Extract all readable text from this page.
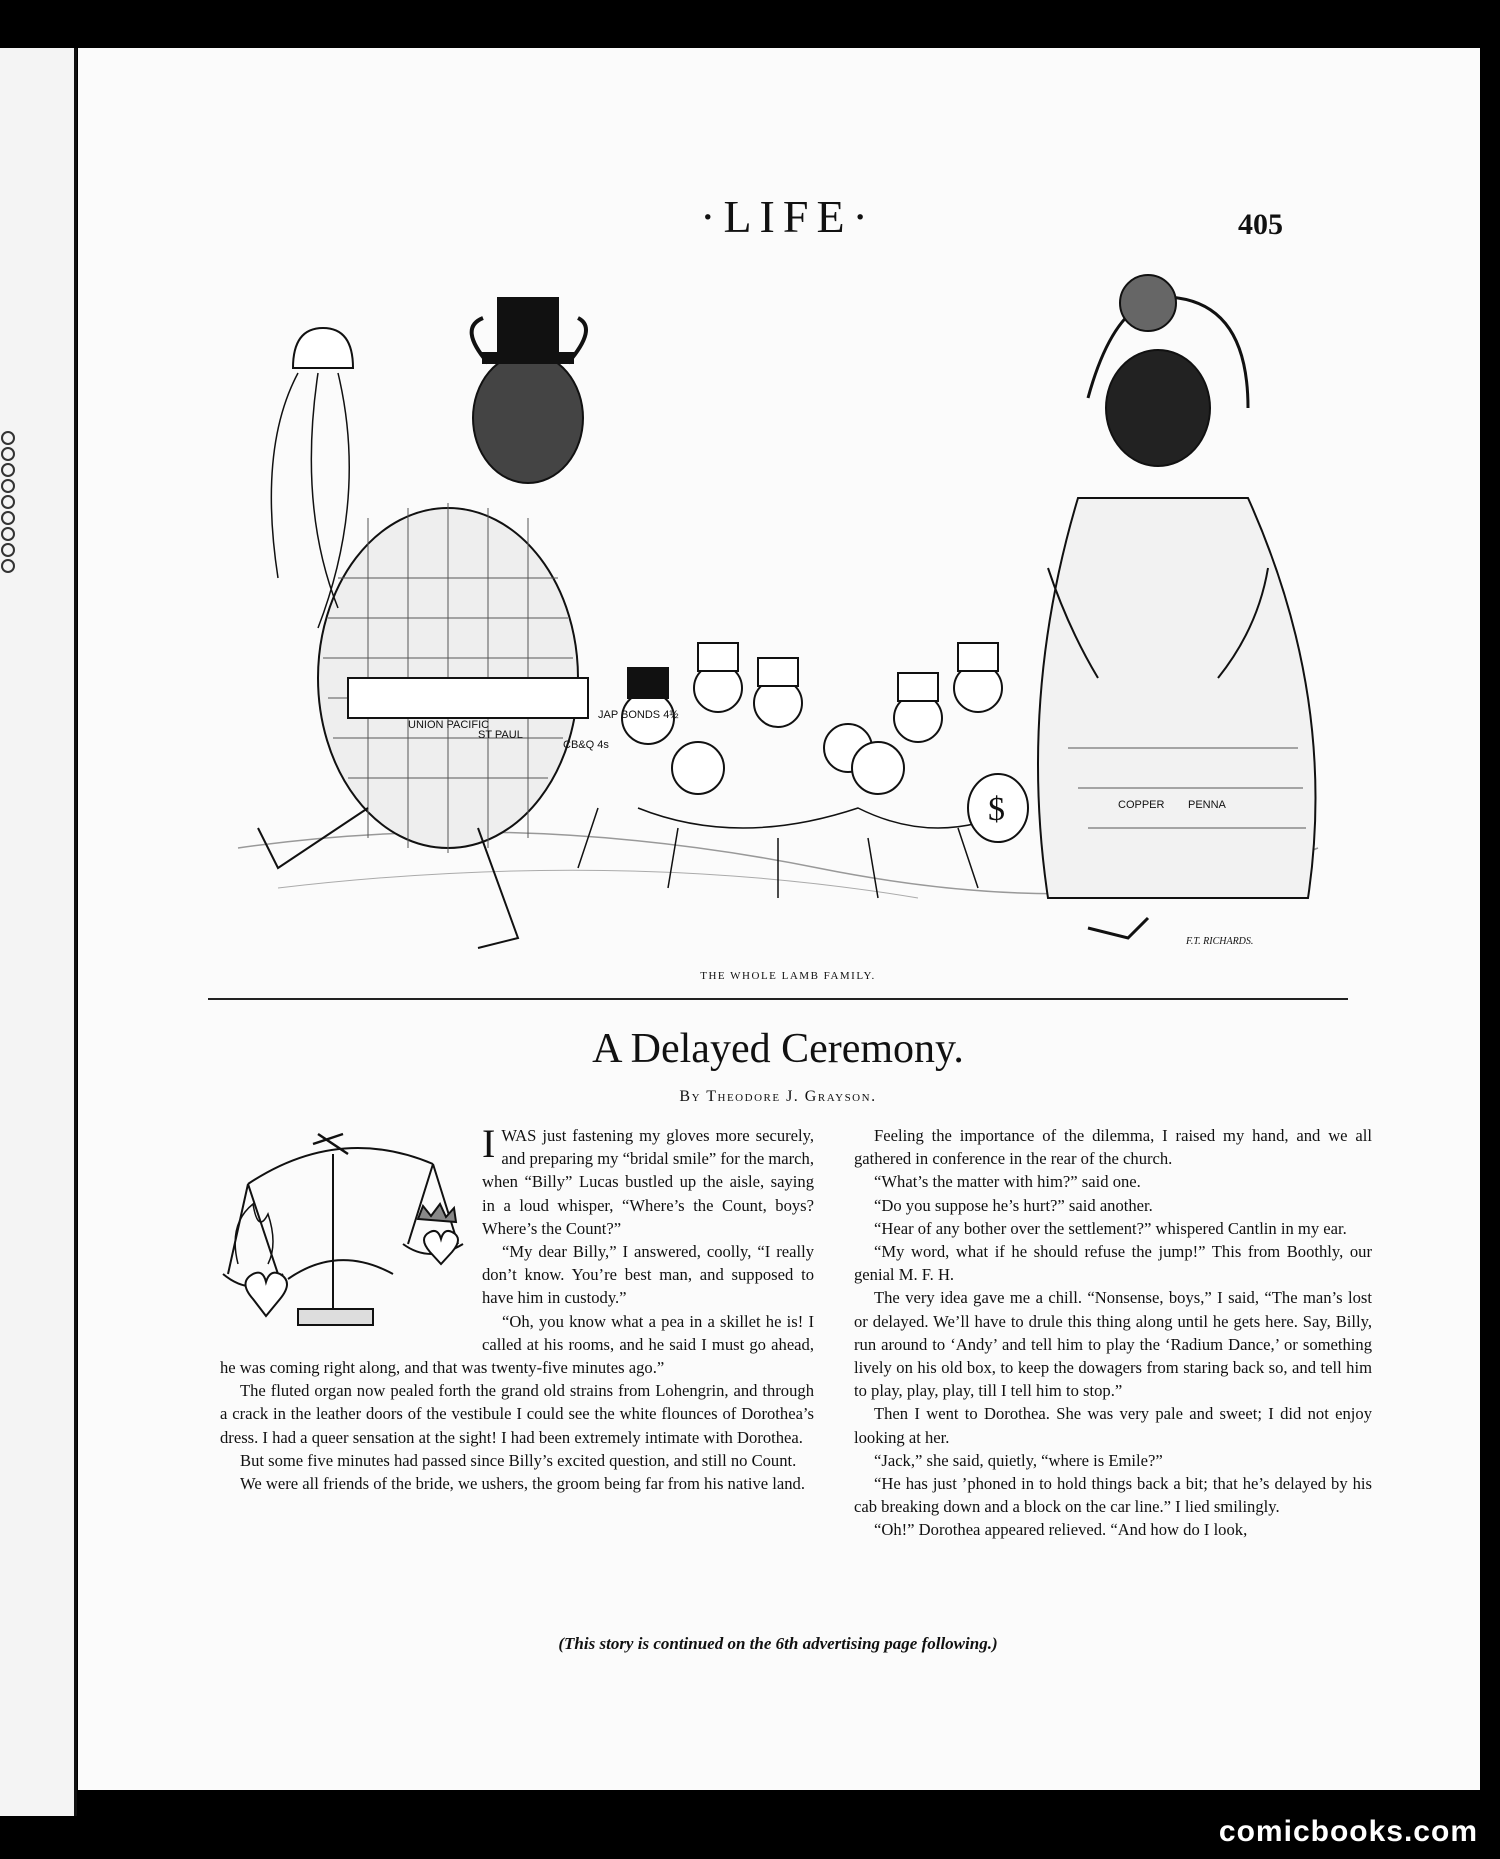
·LIFE·	405
$
UNION PACIFIC
ST PAUL
CB&Q 4s
JAP BONDS 4½
COPPER PENNA
F.T. RICHARDS.
THE WHOLE LAMB FAMILY.
A Delayed Ceremony.
By Theodore J. Grayson.
I WAS just fastening my gloves more securely, and preparing my “bridal smile” for the march, when “Billy” Lucas bustled up the aisle, saying in a loud whisper, “Where’s the Count, boys? Where’s the Count?”

“My dear Billy,” I answered, coolly, “I really don’t know. You’re best man, and supposed to have him in custody.”

“Oh, you know what a pea in a skillet he is! I called at his rooms, and he said I must go ahead, he was coming right along, and that was twenty-five minutes ago.”

The fluted organ now pealed forth the grand old strains from Lohengrin, and through a crack in the leather doors of the vestibule I could see the white flounces of Dorothea’s dress. I had a queer sensation at the sight! I had been extremely intimate with Dorothea.

But some five minutes had passed since Billy’s excited question, and still no Count.

We were all friends of the bride, we ushers, the groom being far from his native land.

Feeling the importance of the dilemma, I raised my hand, and we all gathered in conference in the rear of the church.

“What’s the matter with him?” said one.

“Do you suppose he’s hurt?” said another.

“Hear of any bother over the settlement?” whispered Cantlin in my ear.

“My word, what if he should refuse the jump!” This from Boothly, our genial M. F. H.

The very idea gave me a chill. “Nonsense, boys,” I said, “The man’s lost or delayed. We’ll have to drule this thing along until he gets here. Say, Billy, run around to ‘Andy’ and tell him to play the ‘Radium Dance,’ or something lively on his old box, to keep the dowagers from staring back so, and tell him to play, play, play, till I tell him to stop.”

Then I went to Dorothea. She was very pale and sweet; I did not enjoy looking at her.

“Jack,” she said, quietly, “where is Emile?”

“He has just ’phoned in to hold things back a bit; that he’s delayed by his cab breaking down and a block on the car line.” I lied smilingly.

“Oh!” Dorothea appeared relieved. “And how do I look,

(This story is continued on the 6th advertising page following.)
comicbooks.com
